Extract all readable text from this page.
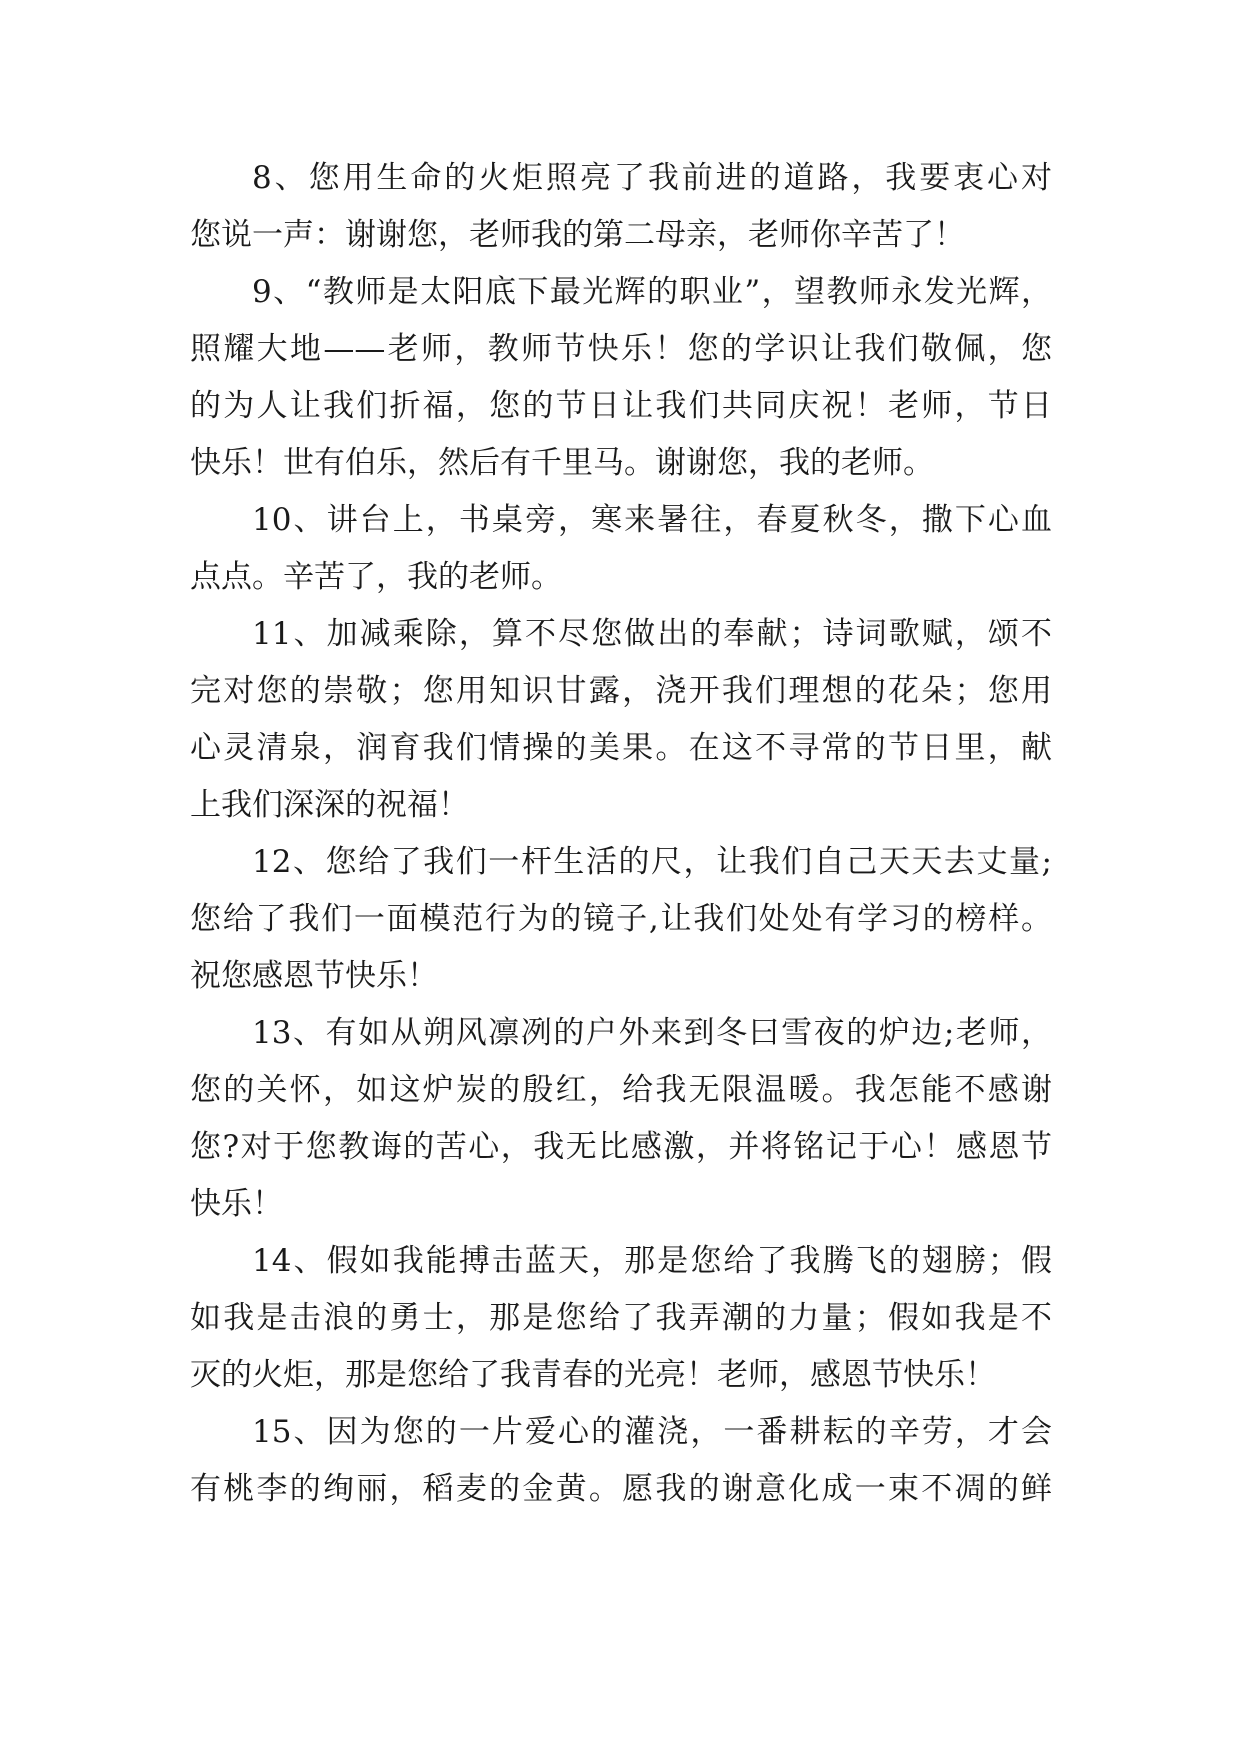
8、您用生命的火炬照亮了我前进的道路，我要衷心对
您说一声：谢谢您，老师我的第二母亲，老师你辛苦了！
9、“教师是太阳底下最光辉的职业”，望教师永发光辉，
照耀大地——老师，教师节快乐！您的学识让我们敬佩，您
的为人让我们折福，您的节日让我们共同庆祝！老师，节日
快乐！世有伯乐，然后有千里马。谢谢您，我的老师。
10、讲台上，书桌旁，寒来暑往，春夏秋冬，撒下心血
点点。辛苦了，我的老师。
11、加减乘除，算不尽您做出的奉献；诗词歌赋，颂不
完对您的崇敬；您用知识甘露，浇开我们理想的花朵；您用
心灵清泉，润育我们情操的美果。在这不寻常的节日里，献
上我们深深的祝福！
12、您给了我们一杆生活的尺，让我们自己天天去丈量;
您给了我们一面模范行为的镜子,让我们处处有学习的榜样。
祝您感恩节快乐！
13、有如从朔风凛冽的户外来到冬曰雪夜的炉边;老师，
您的关怀，如这炉炭的殷红，给我无限温暖。我怎能不感谢
您?对于您教诲的苦心，我无比感激，并将铭记于心！感恩节
快乐！
14、假如我能搏击蓝天，那是您给了我腾飞的翅膀；假
如我是击浪的勇士，那是您给了我弄潮的力量；假如我是不
灭的火炬，那是您给了我青春的光亮！老师，感恩节快乐！
15、因为您的一片爱心的灌浇，一番耕耘的辛劳，才会
有桃李的绚丽，稻麦的金黄。愿我的谢意化成一束不凋的鲜
